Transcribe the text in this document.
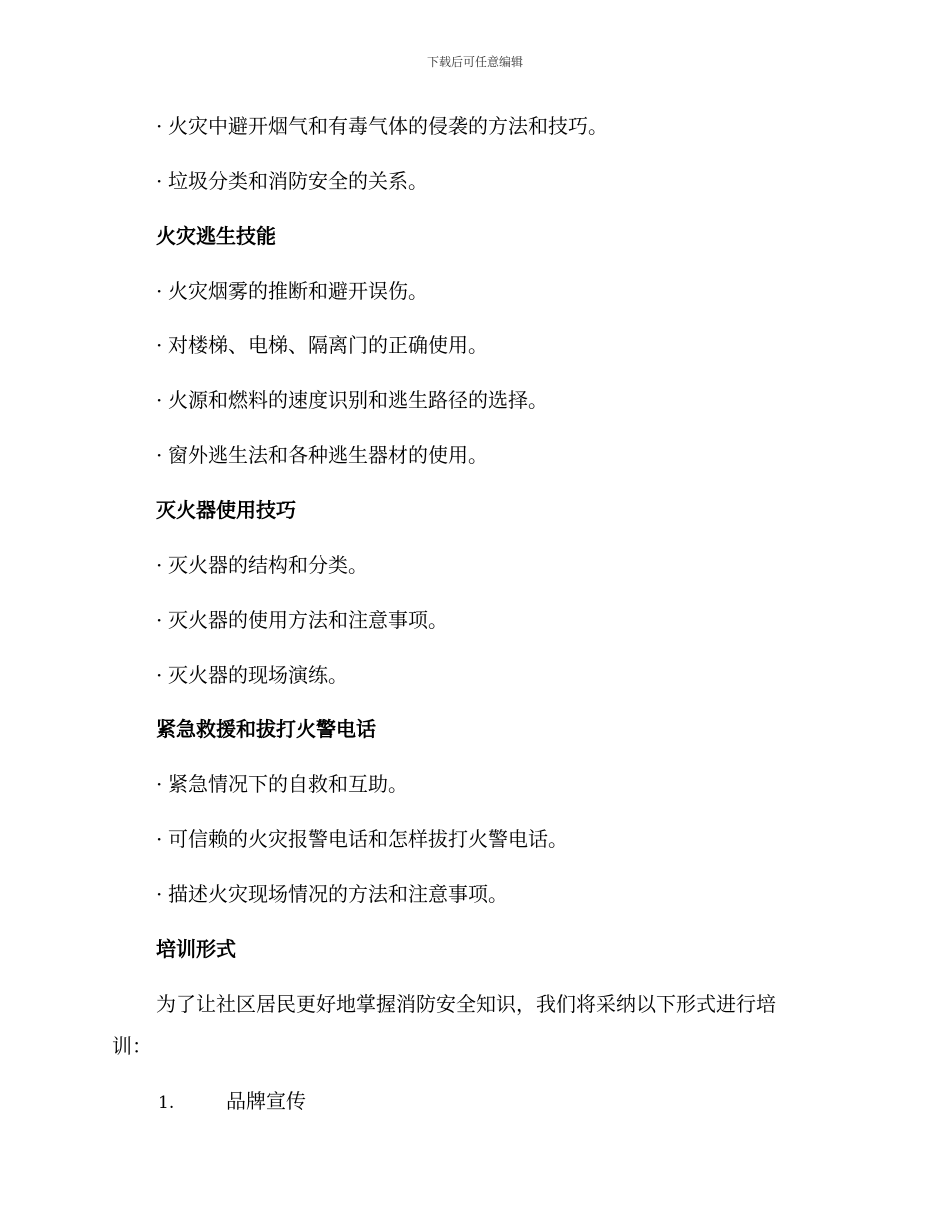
下载后可任意编辑
· 火灾中避开烟气和有毒气体的侵袭的方法和技巧。
· 垃圾分类和消防安全的关系。
火灾逃生技能
· 火灾烟雾的推断和避开误伤。
· 对楼梯、电梯、隔离门的正确使用。
· 火源和燃料的速度识别和逃生路径的选择。
· 窗外逃生法和各种逃生器材的使用。
灭火器使用技巧
· 灭火器的结构和分类。
· 灭火器的使用方法和注意事项。
· 灭火器的现场演练。
紧急救援和拔打火警电话
· 紧急情况下的自救和互助。
· 可信赖的火灾报警电话和怎样拔打火警电话。
· 描述火灾现场情况的方法和注意事项。
培训形式
为了让社区居民更好地掌握消防安全知识，我们将采纳以下形式进行培
训：
1.	品牌宣传
